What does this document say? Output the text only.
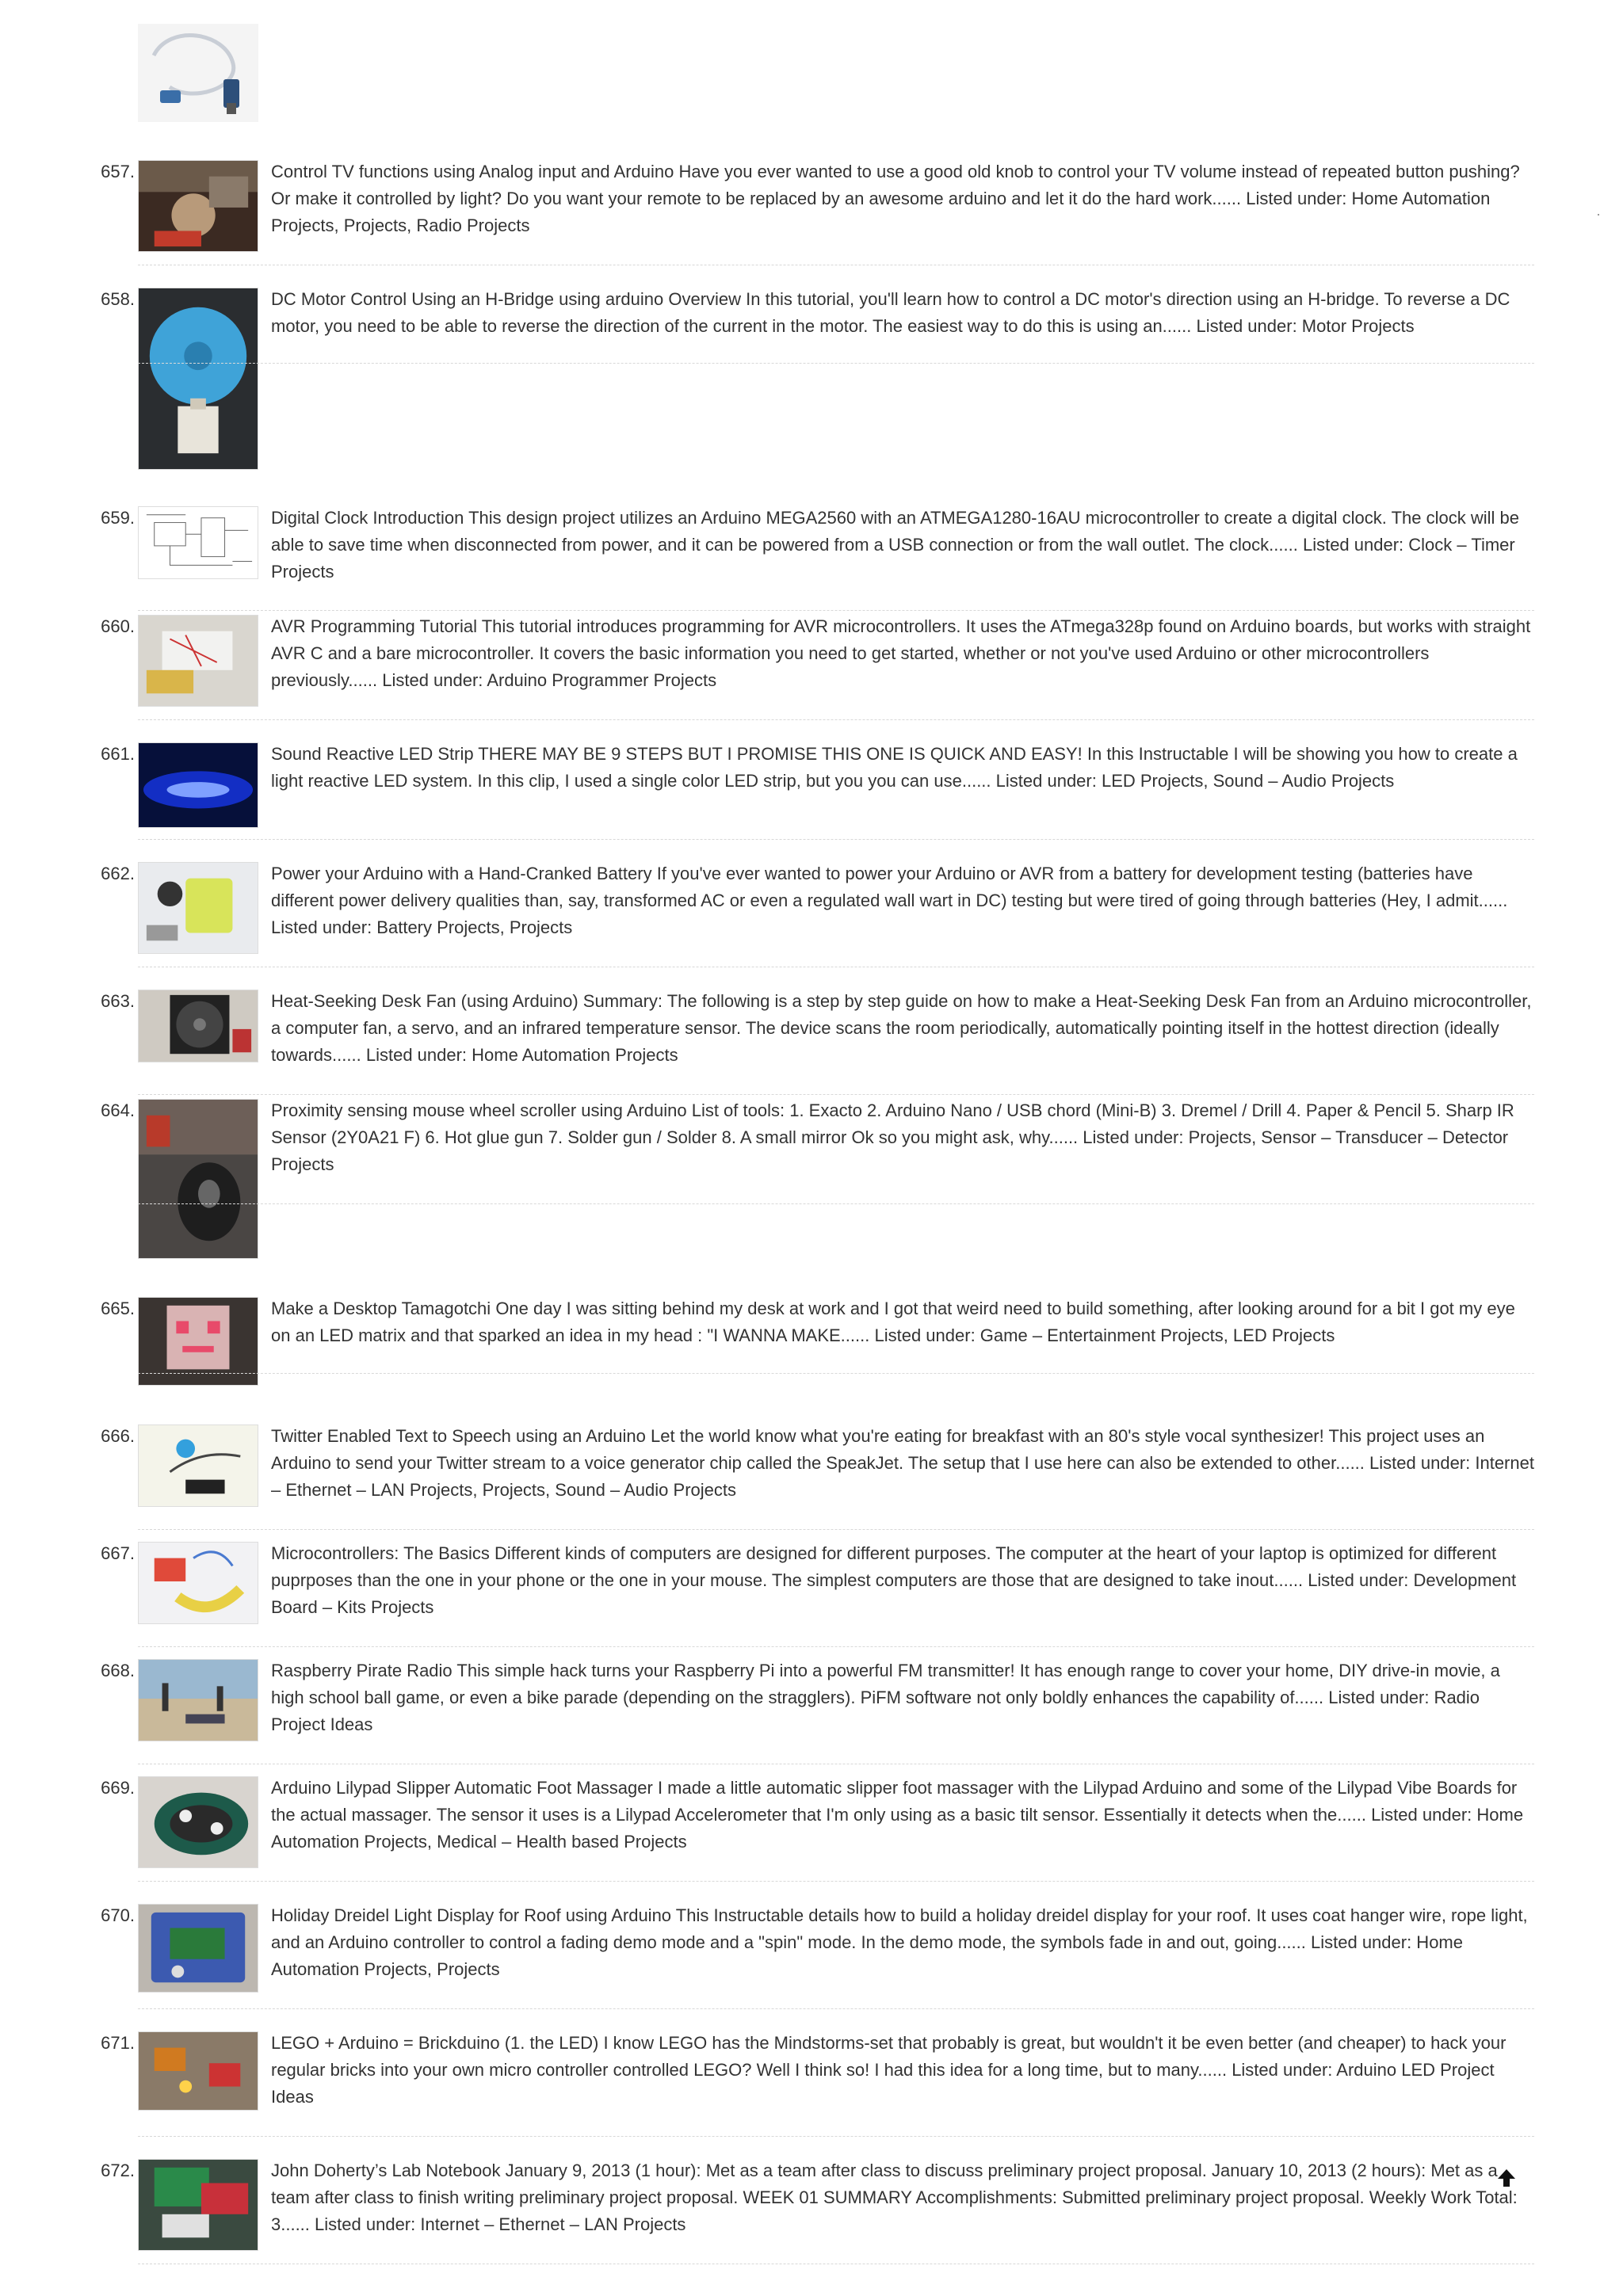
657.	Control TV functions using Analog input and Arduino Have you ever wanted to use a good old knob to control your TV volume instead of repeated button pushing? Or make it controlled by light? Do you want your remote to be replaced by an awesome arduino and let it do the hard work...... Listed under: Home Automation Projects, Projects, Radio Projects
658.	DC Motor Control Using an H-Bridge using arduino Overview In this tutorial, you'll learn how to control a DC motor's direction using an H-bridge. To reverse a DC motor, you need to be able to reverse the direction of the current in the motor. The easiest way to do this is using an...... Listed under: Motor Projects
659.	Digital Clock Introduction This design project utilizes an Arduino MEGA2560 with an ATMEGA1280-16AU microcontroller to create a digital clock. The clock will be able to save time when disconnected from power, and it can be powered from a USB connection or from the wall outlet. The clock...... Listed under: Clock – Timer Projects
660.	AVR Programming Tutorial This tutorial introduces programming for AVR microcontrollers. It uses the ATmega328p found on Arduino boards, but works with straight AVR C and a bare microcontroller. It covers the basic information you need to get started, whether or not you've used Arduino or other microcontrollers previously...... Listed under: Arduino Programmer Projects
661.	Sound Reactive LED Strip THERE MAY BE 9 STEPS BUT I PROMISE THIS ONE IS QUICK AND EASY! In this Instructable I will be showing you how to create a light reactive LED system. In this clip, I used a single color LED strip, but you you can use...... Listed under: LED Projects, Sound – Audio Projects
662.	Power your Arduino with a Hand-Cranked Battery If you've ever wanted to power your Arduino or AVR from a battery for development testing (batteries have different power delivery qualities than, say, transformed AC or even a regulated wall wart in DC) testing but were tired of going through batteries (Hey, I admit...... Listed under: Battery Projects, Projects
663.	Heat-Seeking Desk Fan (using Arduino) Summary: The following is a step by step guide on how to make a Heat-Seeking Desk Fan from an Arduino microcontroller, a computer fan, a servo, and an infrared temperature sensor. The device scans the room periodically, automatically pointing itself in the hottest direction (ideally towards...... Listed under: Home Automation Projects
664.	Proximity sensing mouse wheel scroller using Arduino List of tools: 1. Exacto 2. Arduino Nano / USB chord (Mini-B) 3. Dremel / Drill 4. Paper & Pencil 5. Sharp IR Sensor (2Y0A21 F) 6. Hot glue gun 7. Solder gun / Solder 8. A small mirror Ok so you might ask, why...... Listed under: Projects, Sensor – Transducer – Detector Projects
665.	Make a Desktop Tamagotchi One day I was sitting behind my desk at work and I got that weird need to build something, after looking around for a bit I got my eye on an LED matrix and that sparked an idea in my head : "I WANNA MAKE...... Listed under: Game – Entertainment Projects, LED Projects
666.	Twitter Enabled Text to Speech using an Arduino Let the world know what you're eating for breakfast with an 80's style vocal synthesizer! This project uses an Arduino to send your Twitter stream to a voice generator chip called the SpeakJet. The setup that I use here can also be extended to other...... Listed under: Internet – Ethernet – LAN Projects, Projects, Sound – Audio Projects
667.	Microcontrollers: The Basics Different kinds of computers are designed for different purposes. The computer at the heart of your laptop is optimized for different puprposes than the one in your phone or the one in your mouse. The simplest computers are those that are designed to take inout...... Listed under: Development Board – Kits Projects
668.	Raspberry Pirate Radio This simple hack turns your Raspberry Pi into a powerful FM transmitter! It has enough range to cover your home, DIY drive-in movie, a high school ball game, or even a bike parade (depending on the stragglers). PiFM software not only boldly enhances the capability of...... Listed under: Radio Project Ideas
669.	Arduino Lilypad Slipper Automatic Foot Massager I made a little automatic slipper foot massager with the Lilypad Arduino and some of the Lilypad Vibe Boards for the actual massager. The sensor it uses is a Lilypad Accelerometer that I'm only using as a basic tilt sensor. Essentially it detects when the...... Listed under: Home Automation Projects, Medical – Health based Projects
670.	Holiday Dreidel Light Display for Roof using Arduino This Instructable details how to build a holiday dreidel display for your roof. It uses coat hanger wire, rope light, and an Arduino controller to control a fading demo mode and a "spin" mode. In the demo mode, the symbols fade in and out, going...... Listed under: Home Automation Projects, Projects
671.	LEGO + Arduino = Brickduino (1. the LED) I know LEGO has the Mindstorms-set that probably is great, but wouldn't it be even better (and cheaper) to hack your regular bricks into your own micro controller controlled LEGO? Well I think so! I had this idea for a long time, but to many...... Listed under: Arduino LED Project Ideas
672.	John Doherty’s Lab Notebook January 9, 2013 (1 hour): Met as a team after class to discuss preliminary project proposal. January 10, 2013 (2 hours): Met as a team after class to finish writing preliminary project proposal. WEEK 01 SUMMARY Accomplishments: Submitted preliminary project proposal. Weekly Work Total: 3...... Listed under: Internet – Ethernet – LAN Projects
